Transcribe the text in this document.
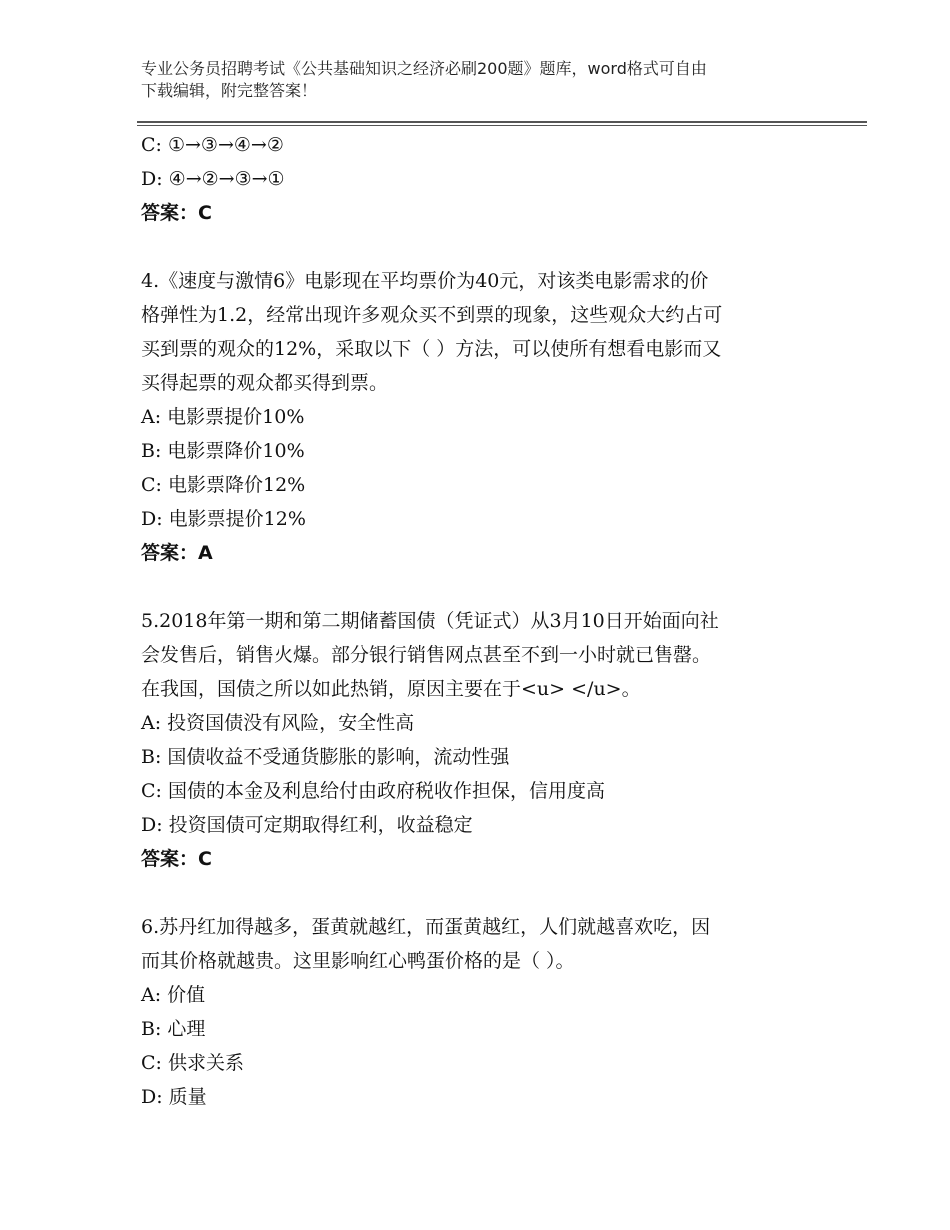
专业公务员招聘考试《公共基础知识之经济必刷200题》题库，word格式可自由
下载编辑，附完整答案！
C: ①→③→④→②
D: ④→②→③→①
答案：C
4.《速度与激情6》电影现在平均票价为40元，对该类电影需求的价
格弹性为1.2，经常出现许多观众买不到票的现象，这些观众大约占可
买到票的观众的12%，采取以下（ ）方法，可以使所有想看电影而又
买得起票的观众都买得到票。
A: 电影票提价10%
B: 电影票降价10%
C: 电影票降价12%
D: 电影票提价12%
答案：A
5.2018年第一期和第二期储蓄国债（凭证式）从3月10日开始面向社
会发售后，销售火爆。部分银行销售网点甚至不到一小时就已售罄。
在我国，国债之所以如此热销，原因主要在于<u> </u>。
A: 投资国债没有风险，安全性高
B: 国债收益不受通货膨胀的影响，流动性强
C: 国债的本金及利息给付由政府税收作担保，信用度高
D: 投资国债可定期取得红利，收益稳定
答案：C
6.苏丹红加得越多，蛋黄就越红，而蛋黄越红，人们就越喜欢吃，因
而其价格就越贵。这里影响红心鸭蛋价格的是（ ）。
A: 价值
B: 心理
C: 供求关系
D: 质量
